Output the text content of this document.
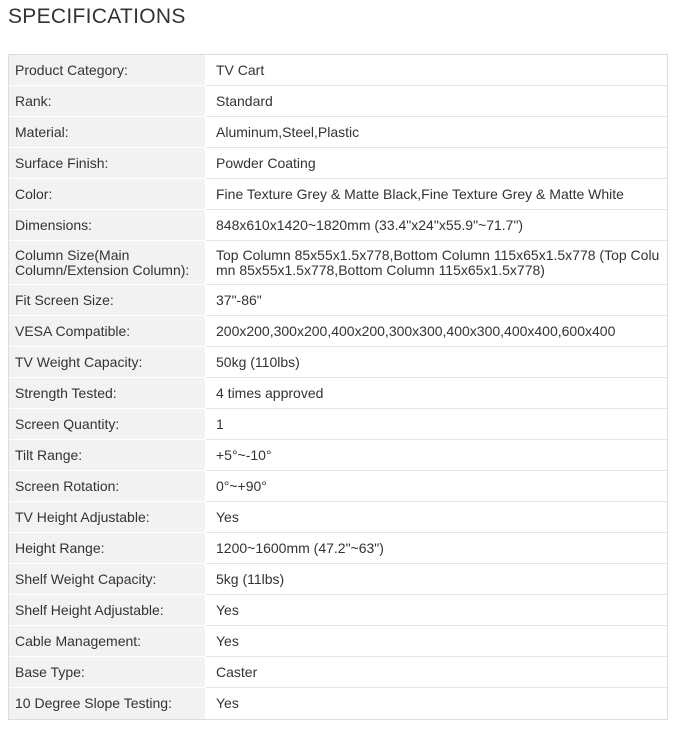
SPECIFICATIONS
Product Category:	TV Cart
Rank:	Standard
Material:	Aluminum,Steel,Plastic
Surface Finish:	Powder Coating
Color:	Fine Texture Grey & Matte Black,Fine Texture Grey & Matte White
Dimensions:	848x610x1420~1820mm (33.4"x24"x55.9"~71.7")
Column Size(Main Column/Extension Column):	Top Column 85x55x1.5x778,Bottom Column 115x65x1.5x778 (Top Column 85x55x1.5x778,Bottom Column 115x65x1.5x778)
Fit Screen Size:	37"-86"
VESA Compatible:	200x200,300x200,400x200,300x300,400x300,400x400,600x400
TV Weight Capacity:	50kg (110lbs)
Strength Tested:	4 times approved
Screen Quantity:	1
Tilt Range:	+5°~-10°
Screen Rotation:	0°~+90°
TV Height Adjustable:	Yes
Height Range:	1200~1600mm (47.2"~63")
Shelf Weight Capacity:	5kg (11lbs)
Shelf Height Adjustable:	Yes
Cable Management:	Yes
Base Type:	Caster
10 Degree Slope Testing:	Yes
